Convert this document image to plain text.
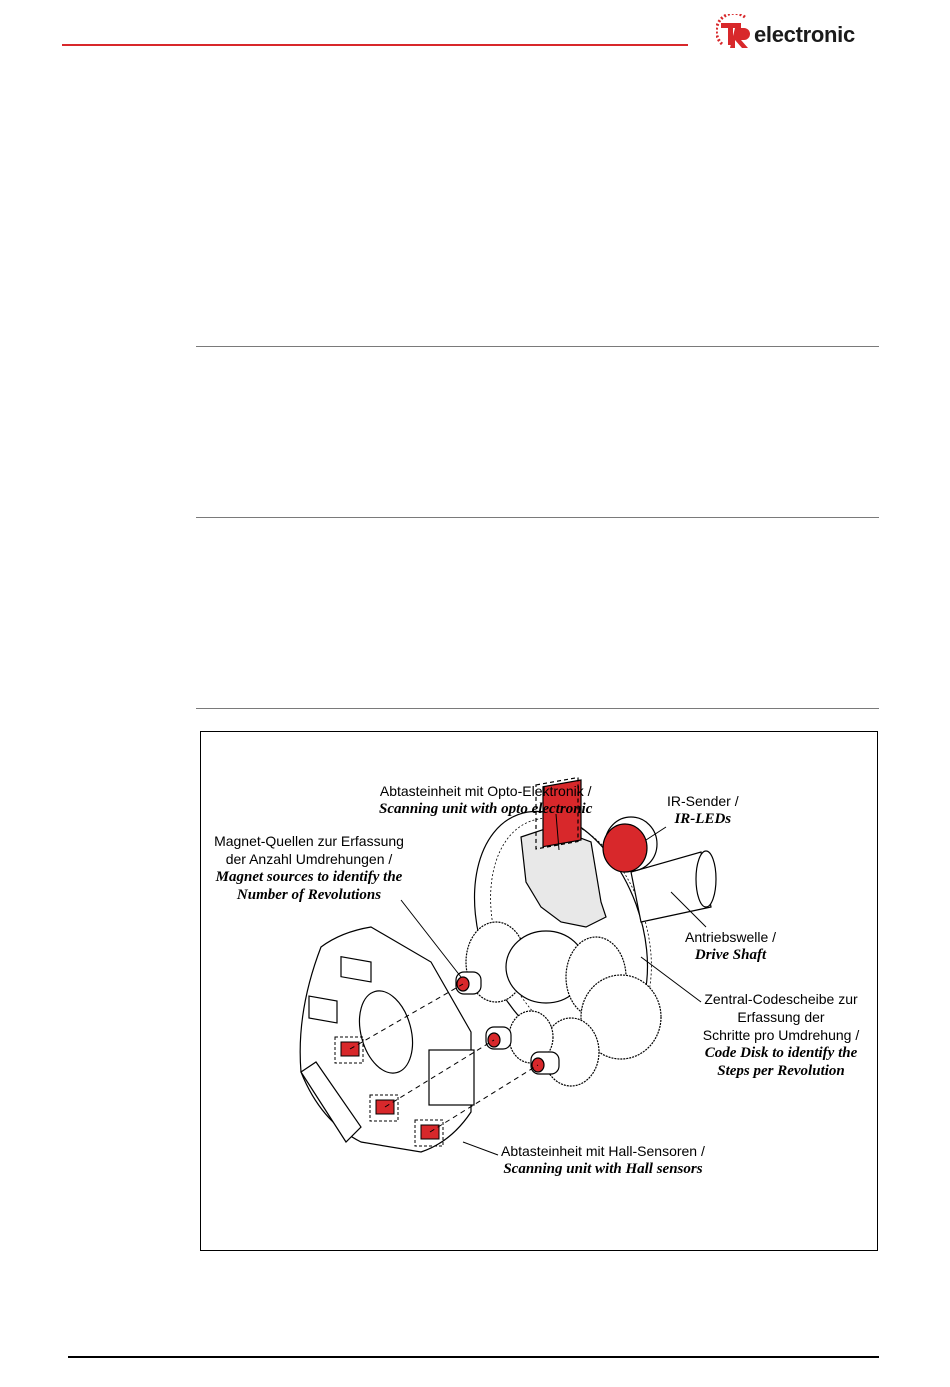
electronic
Abtasteinheit mit Opto-Elektronik /
Scanning unit with opto electronic	IR-Sender /
IR-LEDs
Magnet-Quellen zur Erfassung
der Anzahl Umdrehungen /
Magnet sources to identify the
Number of Revolutions
Antriebswelle /
Drive Shaft
Zentral-Codescheibe zur
Erfassung der
Schritte pro Umdrehung /
Code Disk to identify the
Steps per Revolution
Abtasteinheit mit Hall-Sensoren /
Scanning unit with Hall sensors
